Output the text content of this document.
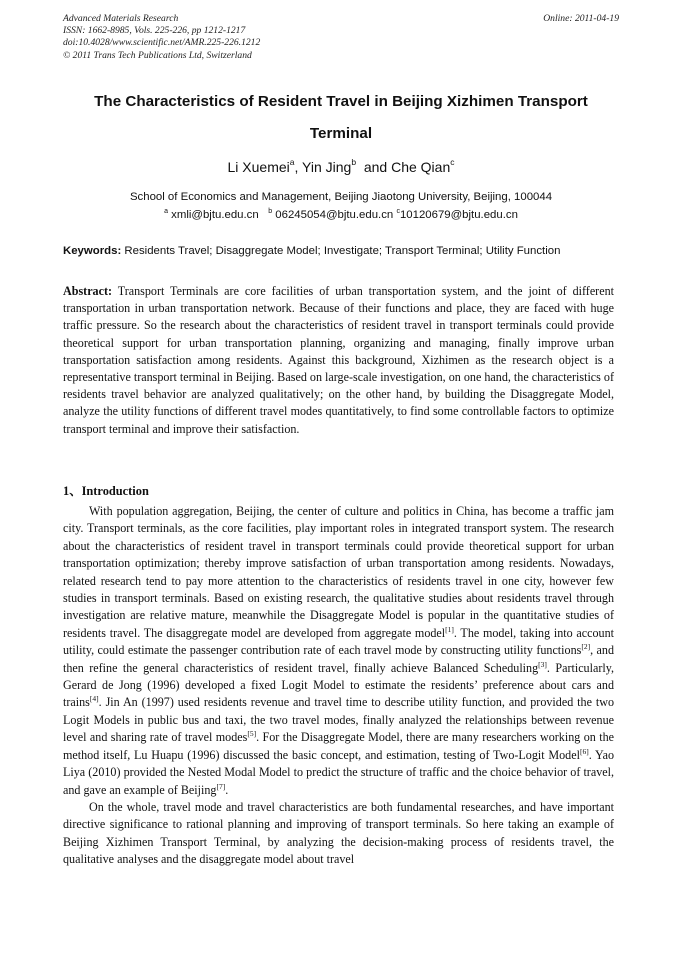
Advanced Materials Research
ISSN: 1662-8985, Vols. 225-226, pp 1212-1217
doi:10.4028/www.scientific.net/AMR.225-226.1212
© 2011 Trans Tech Publications Ltd, Switzerland
Online: 2011-04-19
The Characteristics of Resident Travel in Beijing Xizhimen Transport
Terminal
Li Xuemei$^a$, Yin Jing$^b$  and Che Qian$^c$
School of Economics and Management, Beijing Jiaotong University, Beijing, 100044
$^a$ xmli@bjtu.edu.cn $^b$ 06245054@bjtu.edu.cn $^c$10120679@bjtu.edu.cn
Keywords: Residents Travel; Disaggregate Model; Investigate; Transport Terminal; Utility Function
Abstract: Transport Terminals are core facilities of urban transportation system, and the joint of different transportation in urban transportation network. Because of their functions and place, they are faced with huge traffic pressure. So the research about the characteristics of resident travel in transport terminals could provide theoretical support for urban transportation planning, organizing and managing, finally improve urban transportation satisfaction among residents. Against this background, Xizhimen as the research object is a representative transport terminal in Beijing. Based on large-scale investigation, on one hand, the characteristics of residents travel behavior are analyzed qualitatively; on the other hand, by building the Disaggregate Model, analyze the utility functions of different travel modes quantitatively, to find some controllable factors to optimize transport terminal and improve their satisfaction.
1、Introduction

With population aggregation, Beijing, the center of culture and politics in China, has become a traffic jam city. Transport terminals, as the core facilities, play important roles in integrated transport system. The research about the characteristics of resident travel in transport terminals could provide theoretical support for urban transportation optimization; thereby improve satisfaction of urban transportation among residents. Nowadays, related research tend to pay more attention to the characteristics of residents travel in one city, however few studies in transport terminals. Based on existing research, the qualitative studies about residents travel through investigation are relative mature, meanwhile the Disaggregate Model is popular in the quantitative studies of residents travel. The disaggregate model are developed from aggregate model[1]. The model, taking into account utility, could estimate the passenger contribution rate of each travel mode by constructing utility functions[2], and then refine the general characteristics of resident travel, finally achieve Balanced Scheduling[3]. Particularly, Gerard de Jong (1996) developed a fixed Logit Model to estimate the residents’ preference about cars and trains[4]. Jin An (1997) used residents revenue and travel time to describe utility function, and provided the two Logit Models in public bus and taxi, the two travel modes, finally analyzed the relationships between revenue level and sharing rate of travel modes[5]. For the Disaggregate Model, there are many researchers working on the method itself, Lu Huapu (1996) discussed the basic concept, and estimation, testing of Two-Logit Model[6]. Yao Liya (2010) provided the Nested Modal Model to predict the structure of traffic and the choice behavior of travel, and gave an example of Beijing[7].

On the whole, travel mode and travel characteristics are both fundamental researches, and have important directive significance to rational planning and improving of transport terminals. So here taking an example of Beijing Xizhimen Transport Terminal, by analyzing the decision-making process of residents travel, the qualitative analyses and the disaggregate model about travel
